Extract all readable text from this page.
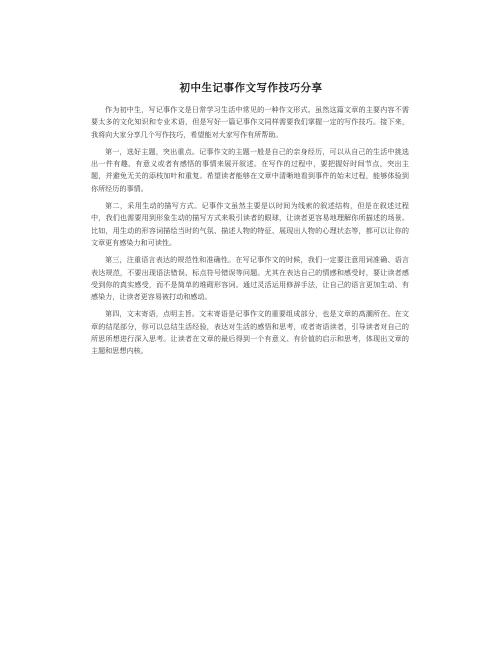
初中生记事作文写作技巧分享

作为初中生，写记事作文是日常学习生活中常见的一种作文形式。虽然这篇文章的主要内容不需要太多的文化知识和专业术语，但是写好一篇记事作文同样需要我们掌握一定的写作技巧。接下来，我将向大家分享几个写作技巧，希望能对大家写作有所帮助。

第一，选好主题，突出重点。记事作文的主题一般是自己的亲身经历，可以从自己的生活中挑选出一件有趣、有意义或者有感悟的事情来展开叙述。在写作的过程中，要把握好时间节点，突出主题，并避免无关的添枝加叶和重复。希望读者能够在文章中清晰地看到事件的始末过程，能够体验到你所经历的事情。

第二，采用生动的描写方式。记事作文虽然主要是以时间为线索的叙述结构，但是在叙述过程中，我们也需要用到形象生动的描写方式来吸引读者的眼球，让读者更容易地理解你所描述的场景。比如，用生动的形容词描绘当时的气氛、描述人物的特征、展现出人物的心理状态等，都可以让你的文章更有感染力和可读性。

第三，注重语言表达的规范性和准确性。在写记事作文的时候，我们一定要注意用词准确、语言表达规范，不要出现语法错误、标点符号错误等问题。尤其在表达自己的情感和感受时，要让读者感受到你的真实感受，而不是简单的堆砌形容词。通过灵活运用修辞手法，让自己的语言更加生动、有感染力，让读者更容易被打动和感动。

第四，文末寄语，点明主旨。文末寄语是记事作文的重要组成部分，也是文章的高潮所在。在文章的结尾部分，你可以总结生活经验，表达对生活的感悟和思考，或者寄语读者，引导读者对自己的所思所想进行深入思考。让读者在文章的最后得到一个有意义、有价值的启示和思考，体现出文章的主题和思想内核。
